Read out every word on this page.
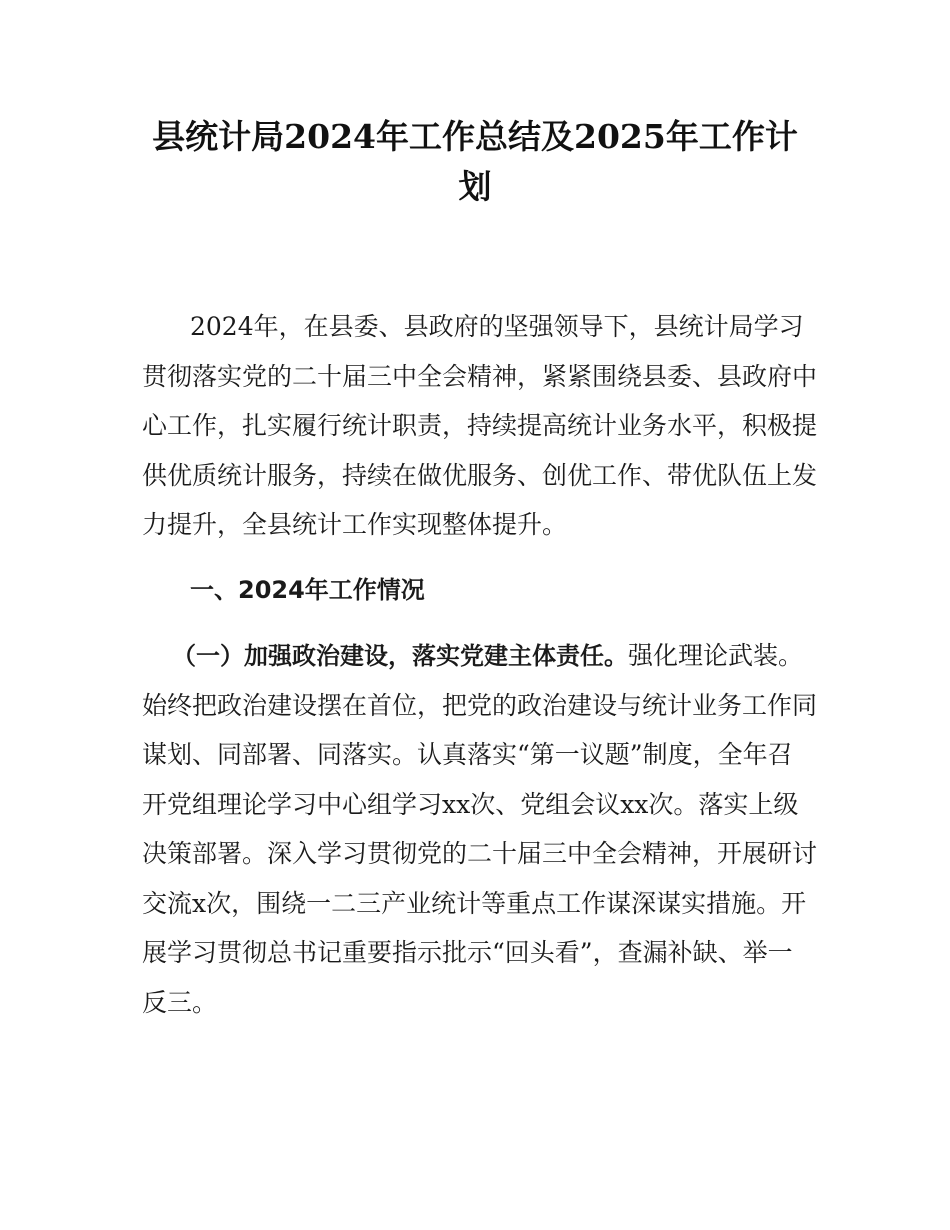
县统计局2024年工作总结及2025年工作计
划
2024年，在县委、县政府的坚强领导下，县统计局学习
贯彻落实党的二十届三中全会精神，紧紧围绕县委、县政府中
心工作，扎实履行统计职责，持续提高统计业务水平，积极提
供优质统计服务，持续在做优服务、创优工作、带优队伍上发
力提升，全县统计工作实现整体提升。
一、2024年工作情况
（一）加强政治建设，落实党建主体责任。强化理论武装。
始终把政治建设摆在首位，把党的政治建设与统计业务工作同
谋划、同部署、同落实。认真落实“第一议题”制度，全年召
开党组理论学习中心组学习xx次、党组会议xx次。落实上级
决策部署。深入学习贯彻党的二十届三中全会精神，开展研讨
交流x次，围绕一二三产业统计等重点工作谋深谋实措施。开
展学习贯彻总书记重要指示批示“回头看”，查漏补缺、举一
反三。
